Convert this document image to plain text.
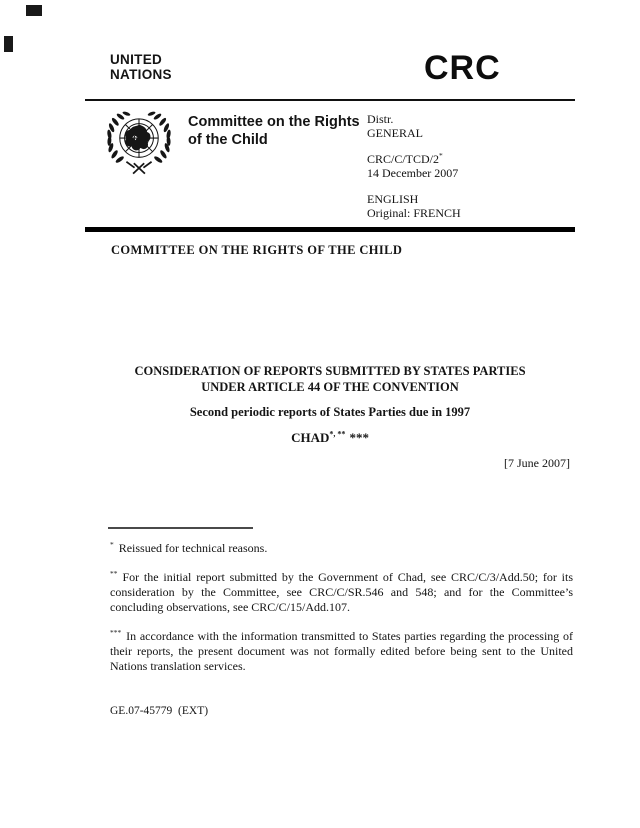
UNITED
NATIONS	CRC
Committee on the Rights of the Child
Distr.
GENERAL
CRC/C/TCD/2*
14 December 2007
ENGLISH
Original: FRENCH
COMMITTEE ON THE RIGHTS OF THE CHILD
CONSIDERATION OF REPORTS SUBMITTED BY STATES PARTIES
UNDER ARTICLE 44 OF THE CONVENTION
Second periodic reports of States Parties due in 1997
CHAD*, ** ***
[7 June 2007]

* Reissued for technical reasons.

** For the initial report submitted by the Government of Chad, see CRC/C/3/Add.50; for its consideration by the Committee, see CRC/C/SR.546 and 548; and for the Committee’s concluding observations, see CRC/C/15/Add.107.

*** In accordance with the information transmitted to States parties regarding the processing of their reports, the present document was not formally edited before being sent to the United Nations translation services.

GE.07-45779  (EXT)
